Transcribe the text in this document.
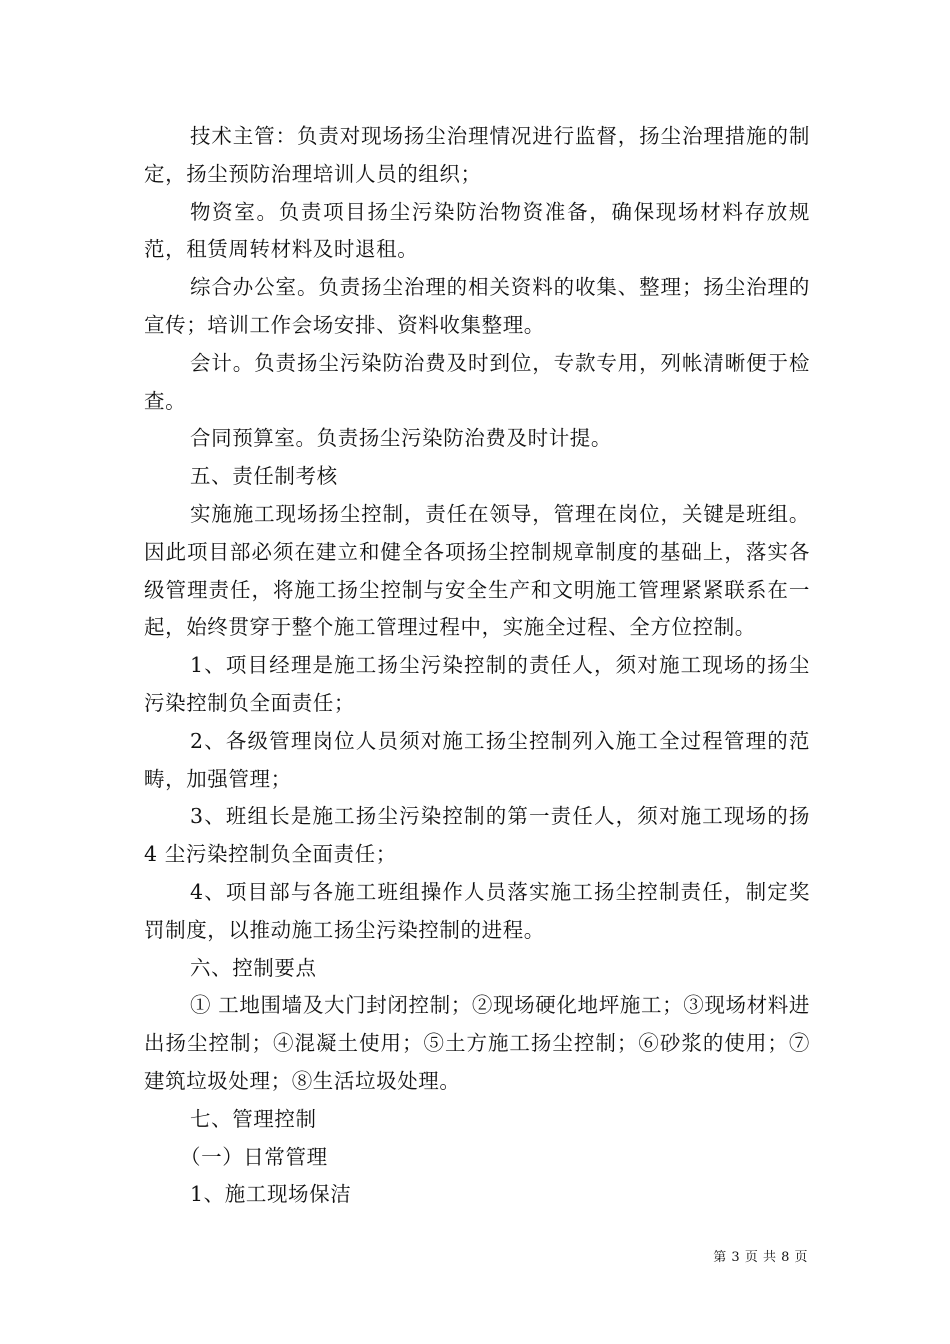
技术主管：负责对现场扬尘治理情况进行监督，扬尘治理措施的制定，扬尘预防治理培训人员的组织；

物资室。负责项目扬尘污染防治物资准备，确保现场材料存放规范，租赁周转材料及时退租。

综合办公室。负责扬尘治理的相关资料的收集、整理；扬尘治理的宣传；培训工作会场安排、资料收集整理。

会计。负责扬尘污染防治费及时到位，专款专用，列帐清晰便于检查。

合同预算室。负责扬尘污染防治费及时计提。

五、责任制考核

实施施工现场扬尘控制，责任在领导，管理在岗位，关键是班组。因此项目部必须在建立和健全各项扬尘控制规章制度的基础上，落实各级管理责任，将施工扬尘控制与安全生产和文明施工管理紧紧联系在一起，始终贯穿于整个施工管理过程中，实施全过程、全方位控制。

1、项目经理是施工扬尘污染控制的责任人，须对施工现场的扬尘污染控制负全面责任；

2、各级管理岗位人员须对施工扬尘控制列入施工全过程管理的范畴，加强管理；

3、班组长是施工扬尘污染控制的第一责任人，须对施工现场的扬 4 尘污染控制负全面责任；

4、项目部与各施工班组操作人员落实施工扬尘控制责任，制定奖罚制度，以推动施工扬尘污染控制的进程。

六、控制要点

① 工地围墙及大门封闭控制；②现场硬化地坪施工；③现场材料进出扬尘控制；④混凝土使用；⑤土方施工扬尘控制；⑥砂浆的使用；⑦建筑垃圾处理；⑧生活垃圾处理。

七、管理控制

（一）日常管理

1、施工现场保洁

第 3 页 共 8 页
